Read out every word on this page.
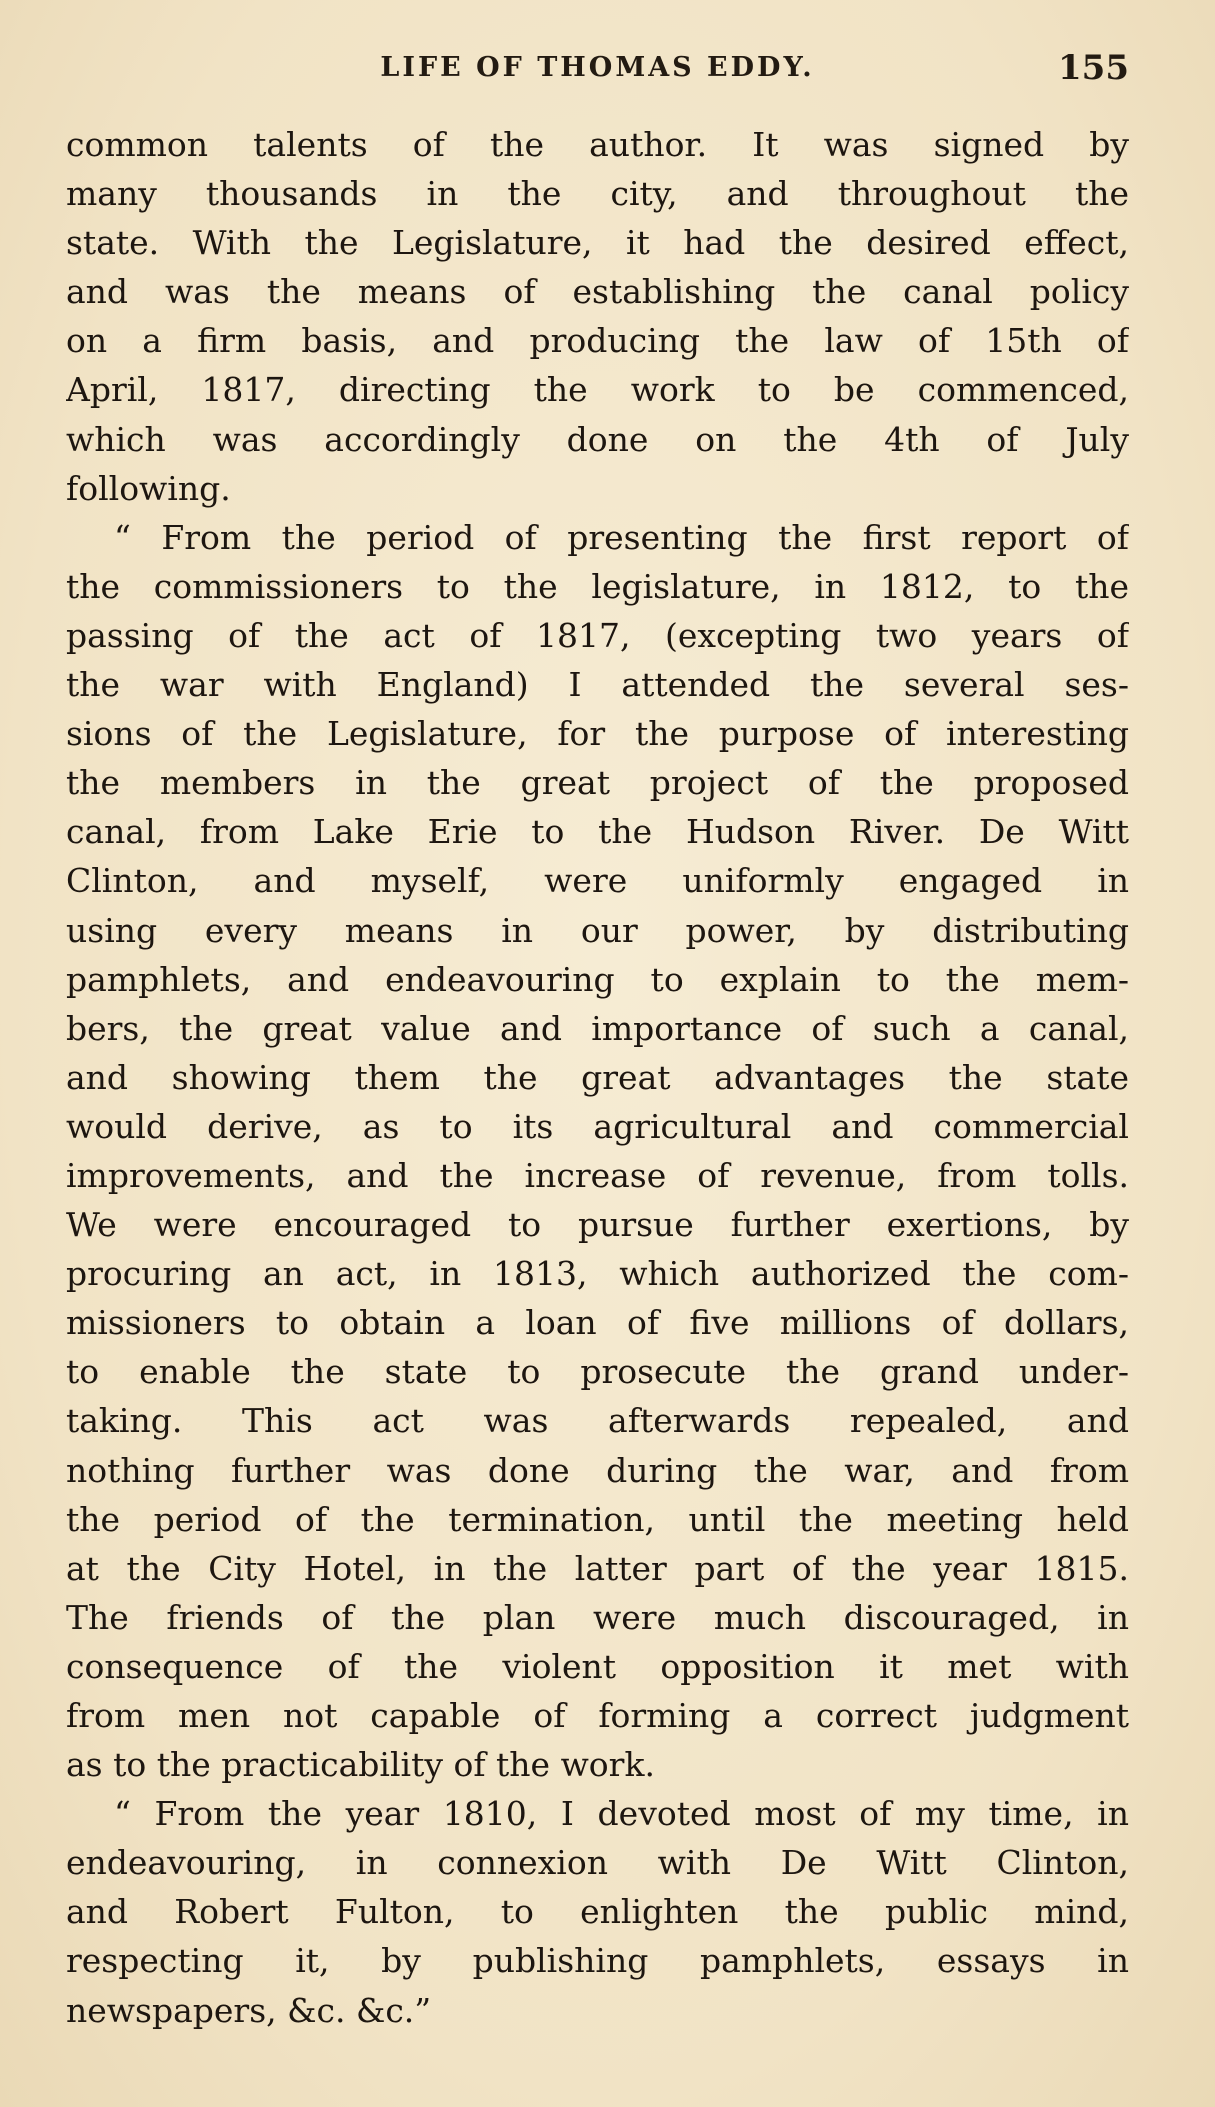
LIFE OF THOMAS EDDY.	155
common talents of the author. It was signed by
many thousands in the city, and throughout the
state. With the Legislature, it had the desired effect,
and was the means of establishing the canal policy
on a firm basis, and producing the law of 15th of
April, 1817, directing the work to be commenced,
which was accordingly done on the 4th of July
following.
“ From the period of presenting the first report of
the commissioners to the legislature, in 1812, to the
passing of the act of 1817, (excepting two years of
the war with England) I attended the several ses-
sions of the Legislature, for the purpose of interesting
the members in the great project of the proposed
canal, from Lake Erie to the Hudson River. De Witt
Clinton, and myself, were uniformly engaged in
using every means in our power, by distributing
pamphlets, and endeavouring to explain to the mem-
bers, the great value and importance of such a canal,
and showing them the great advantages the state
would derive, as to its agricultural and commercial
improvements, and the increase of revenue, from tolls.
We were encouraged to pursue further exertions, by
procuring an act, in 1813, which authorized the com-
missioners to obtain a loan of five millions of dollars,
to enable the state to prosecute the grand under-
taking. This act was afterwards repealed, and
nothing further was done during the war, and from
the period of the termination, until the meeting held
at the City Hotel, in the latter part of the year 1815.
The friends of the plan were much discouraged, in
consequence of the violent opposition it met with
from men not capable of forming a correct judgment
as to the practicability of the work.
“ From the year 1810, I devoted most of my time, in
endeavouring, in connexion with De Witt Clinton,
and Robert Fulton, to enlighten the public mind,
respecting it, by publishing pamphlets, essays in
newspapers, &c. &c.”
